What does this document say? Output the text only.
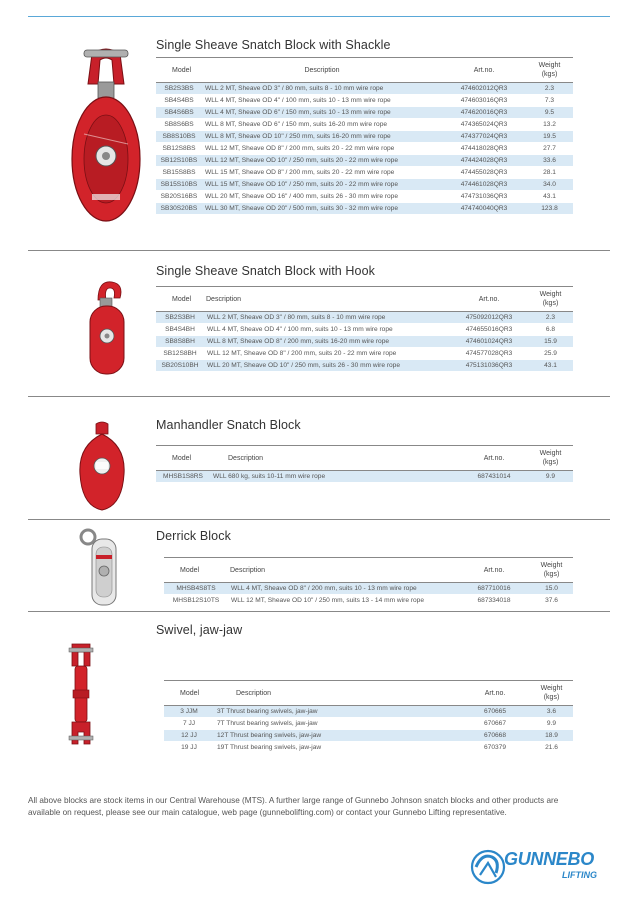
Single Sheave Snatch Block with Shackle
Model	Description	Art.no.	Weight
(kgs)
SB2S3BS	WLL 2 MT, Sheave OD 3" / 80 mm, suits 8 - 10 mm wire rope	474602012QR3	2.3
SB4S4BS	WLL 4 MT, Sheave OD 4" / 100 mm, suits 10 - 13 mm wire rope	474603016QR3	7.3
SB4S6BS	WLL 4 MT, Sheave OD 6" / 150 mm, suits 10 - 13 mm wire rope	474620016QR3	9.5
SB8S6BS	WLL 8 MT, Sheave OD 6" / 150 mm, suits 16-20 mm wire rope	474365024QR3	13.2
SB8S10BS	WLL 8 MT, Sheave OD 10" / 250 mm, suits 16-20 mm wire rope	474377024QR3	19.5
SB12S8BS	WLL 12 MT, Sheave OD 8" / 200 mm, suits 20 - 22 mm wire rope	474418028QR3	27.7
SB12S10BS	WLL 12 MT, Sheave OD 10" / 250 mm, suits 20 - 22 mm wire rope	474424028QR3	33.6
SB15S8BS	WLL 15 MT, Sheave OD 8" / 200 mm, suits 20 - 22 mm wire rope	474455028QR3	28.1
SB15S10BS	WLL 15 MT, Sheave OD 10" / 250 mm, suits 20 - 22 mm wire rope	474461028QR3	34.0
SB20S16BS	WLL 20 MT, Sheave OD 16" / 400 mm, suits 26 - 30 mm wire rope	474731036QR3	43.1
SB30S20BS	WLL 30 MT, Sheave OD 20" / 500 mm, suits 30 - 32 mm wire rope	474740040QR3	123.8
Single Sheave Snatch Block with Hook
Model	Description	Art.no.	Weight
(kgs)
SB2S3BH	WLL 2 MT, Sheave OD 3" / 80 mm, suits 8 - 10 mm wire rope	475092012QR3	2.3
SB4S4BH	WLL 4 MT, Sheave OD 4" / 100 mm, suits 10 - 13 mm wire rope	474655016QR3	6.8
SB8S8BH	WLL 8 MT, Sheave OD 8" / 200 mm, suits 16-20 mm wire rope	474601024QR3	15.9
SB12S8BH	WLL 12 MT, Sheave OD 8" / 200 mm, suits 20 - 22 mm wire rope	474577028QR3	25.9
SB20S10BH	WLL 20 MT, Sheave OD 10" / 250 mm, suits 26 - 30 mm wire rope	475131036QR3	43.1
Manhandler Snatch Block
Model	Description	Art.no.	Weight
(kgs)
MHSB1S8RS	WLL 680 kg, suits 10-11 mm wire rope	687431014	9.9
Derrick Block
Model	Description	Art.no.	Weight
(kgs)
MHSB4S8TS	WLL 4 MT, Sheave OD 8" / 200 mm, suits 10 - 13 mm wire rope	687710016	15.0
MHSB12S10TS	WLL 12 MT, Sheave OD 10" / 250 mm, suits 13 - 14 mm wire rope	687334018	37.6
Swivel, jaw-jaw
Model	Description	Art.no.	Weight
(kgs)
3 JJM	3T Thrust bearing swivels, jaw-jaw	670665	3.6
7 JJ	7T Thrust bearing swivels, jaw-jaw	670667	9.9
12 JJ	12T Thrust bearing swivels, jaw-jaw	670668	18.9
19 JJ	19T Thrust bearing swivels, jaw-jaw	670379	21.6
All above blocks are stock items in our Central Warehouse (MTS). A further large range of Gunnebo Johnson snatch blocks and other products are available on request, please see our main catalogue, web page (gunnebolifting.com) or contact your Gunnebo Lifting representative.
GUNNEBO
LIFTING
